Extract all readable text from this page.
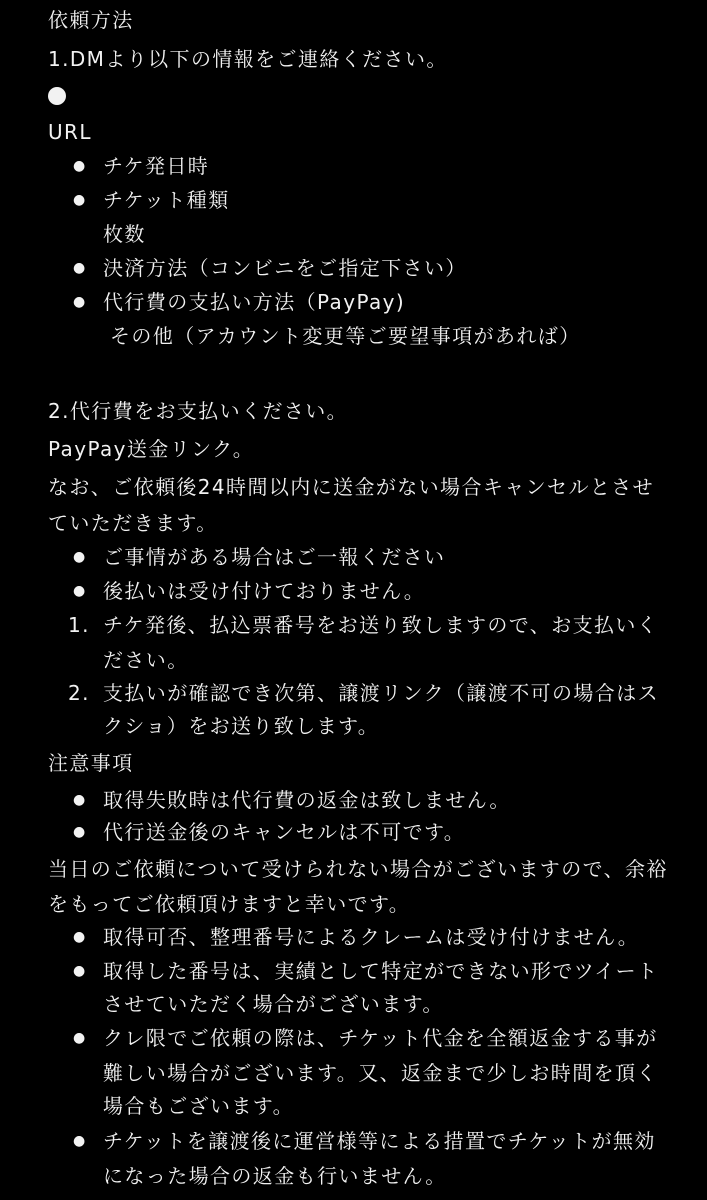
依頼方法
1.DMより以下の情報をご連絡ください。
URL
● チケ発日時
● チケット種類
枚数
● 決済方法（コンビニをご指定下さい）
● 代行費の支払い方法（PayPay)
その他（アカウント変更等ご要望事項があれば）
2.代行費をお支払いください。
PayPay送金リンク。
なお、ご依頼後24時間以内に送金がない場合キャンセルとさせ
ていただきます。
● ご事情がある場合はご一報ください
● 後払いは受け付けておりません。
1. チケ発後、払込票番号をお送り致しますので、お支払いく
ださい。
2. 支払いが確認でき次第、譲渡リンク（譲渡不可の場合はス
クショ）をお送り致します。
注意事項
● 取得失敗時は代行費の返金は致しません。
● 代行送金後のキャンセルは不可です。
当日のご依頼について受けられない場合がございますので、余裕
をもってご依頼頂けますと幸いです。
● 取得可否、整理番号によるクレームは受け付けません。
● 取得した番号は、実績として特定ができない形でツイート
させていただく場合がございます。
● クレ限でご依頼の際は、チケット代金を全額返金する事が
難しい場合がございます。又、返金まで少しお時間を頂く
場合もございます。
● チケットを譲渡後に運営様等による措置でチケットが無効
になった場合の返金も行いません。
